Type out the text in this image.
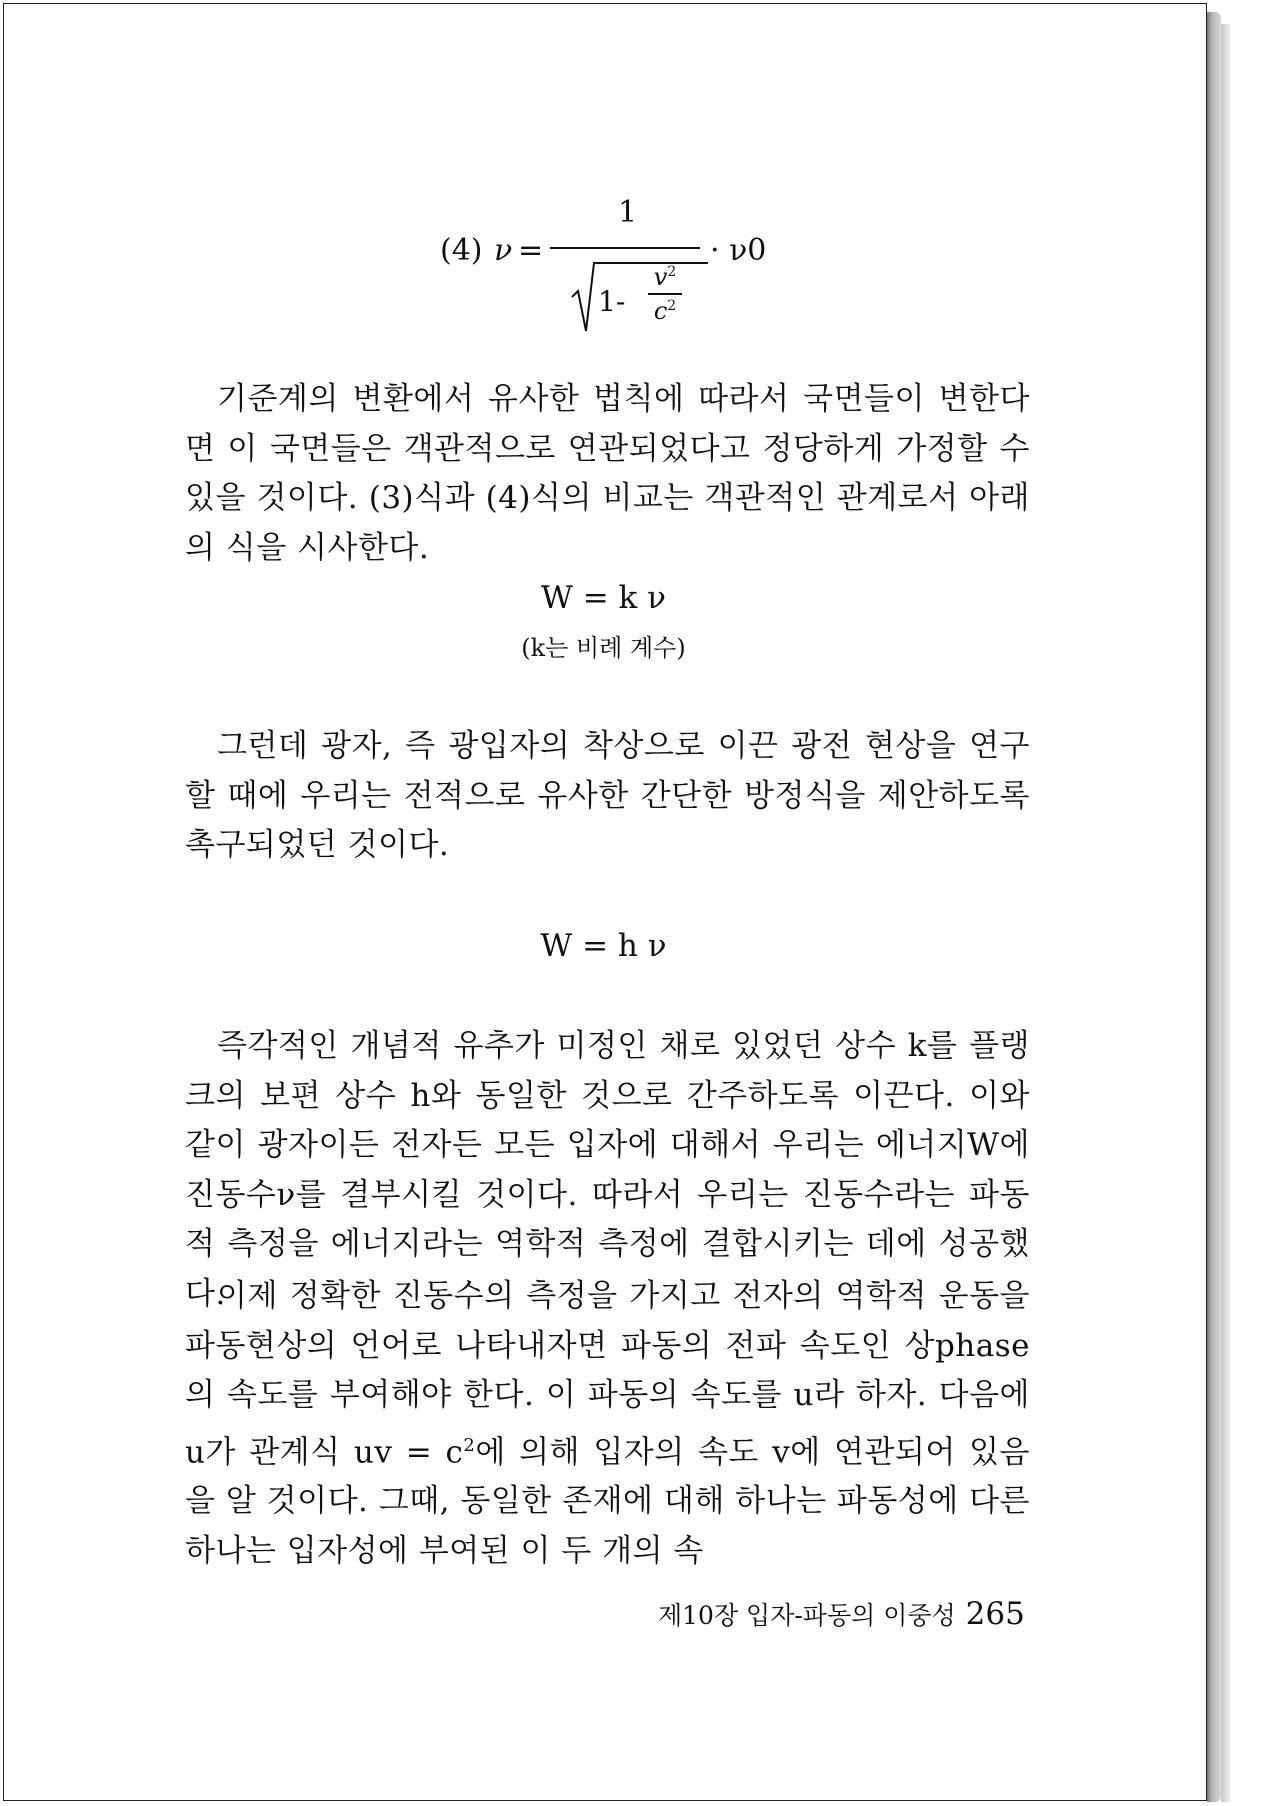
(4) ν =
1
· ν0
1-
$v^2$
$c^2$
기준계의 변환에서 유사한 법칙에 따라서 국면들이 변한다면 이 국면들은 객관적으로 연관되었다고 정당하게 가정할 수 있을 것이다. (3)식과 (4)식의 비교는 객관적인 관계로서 아래의 식을 시사한다.
W = k ν
(k는 비례 계수)
그런데 광자, 즉 광입자의 착상으로 이끈 광전 현상을 연구할 때에 우리는 전적으로 유사한 간단한 방정식을 제안하도록 촉구되었던 것이다.
W = h ν
즉각적인 개념적 유추가 미정인 채로 있었던 상수 k를 플랭크의 보편 상수 h와 동일한 것으로 간주하도록 이끈다. 이와 같이 광자이든 전자든 모든 입자에 대해서 우리는 에너지W에 진동수ν를 결부시킬 것이다. 따라서 우리는 진동수라는 파동적 측정을 에너지라는 역학적 측정에 결합시키는 데에 성공했다.
이제 정확한 진동수의 측정을 가지고 전자의 역학적 운동을 파동현상의 언어로 나타내자면 파동의 전파 속도인 상phase의 속도를 부여해야 한다. 이 파동의 속도를 u라 하자. 다음에 u가 관계식 uv = $c^2$에 의해 입자의 속도 v에 연관되어 있음을 알 것이다. 그때, 동일한 존재에 대해 하나는 파동성에 다른 하나는 입자성에 부여된 이 두 개의 속
제10장 입자-파동의 이중성 265
